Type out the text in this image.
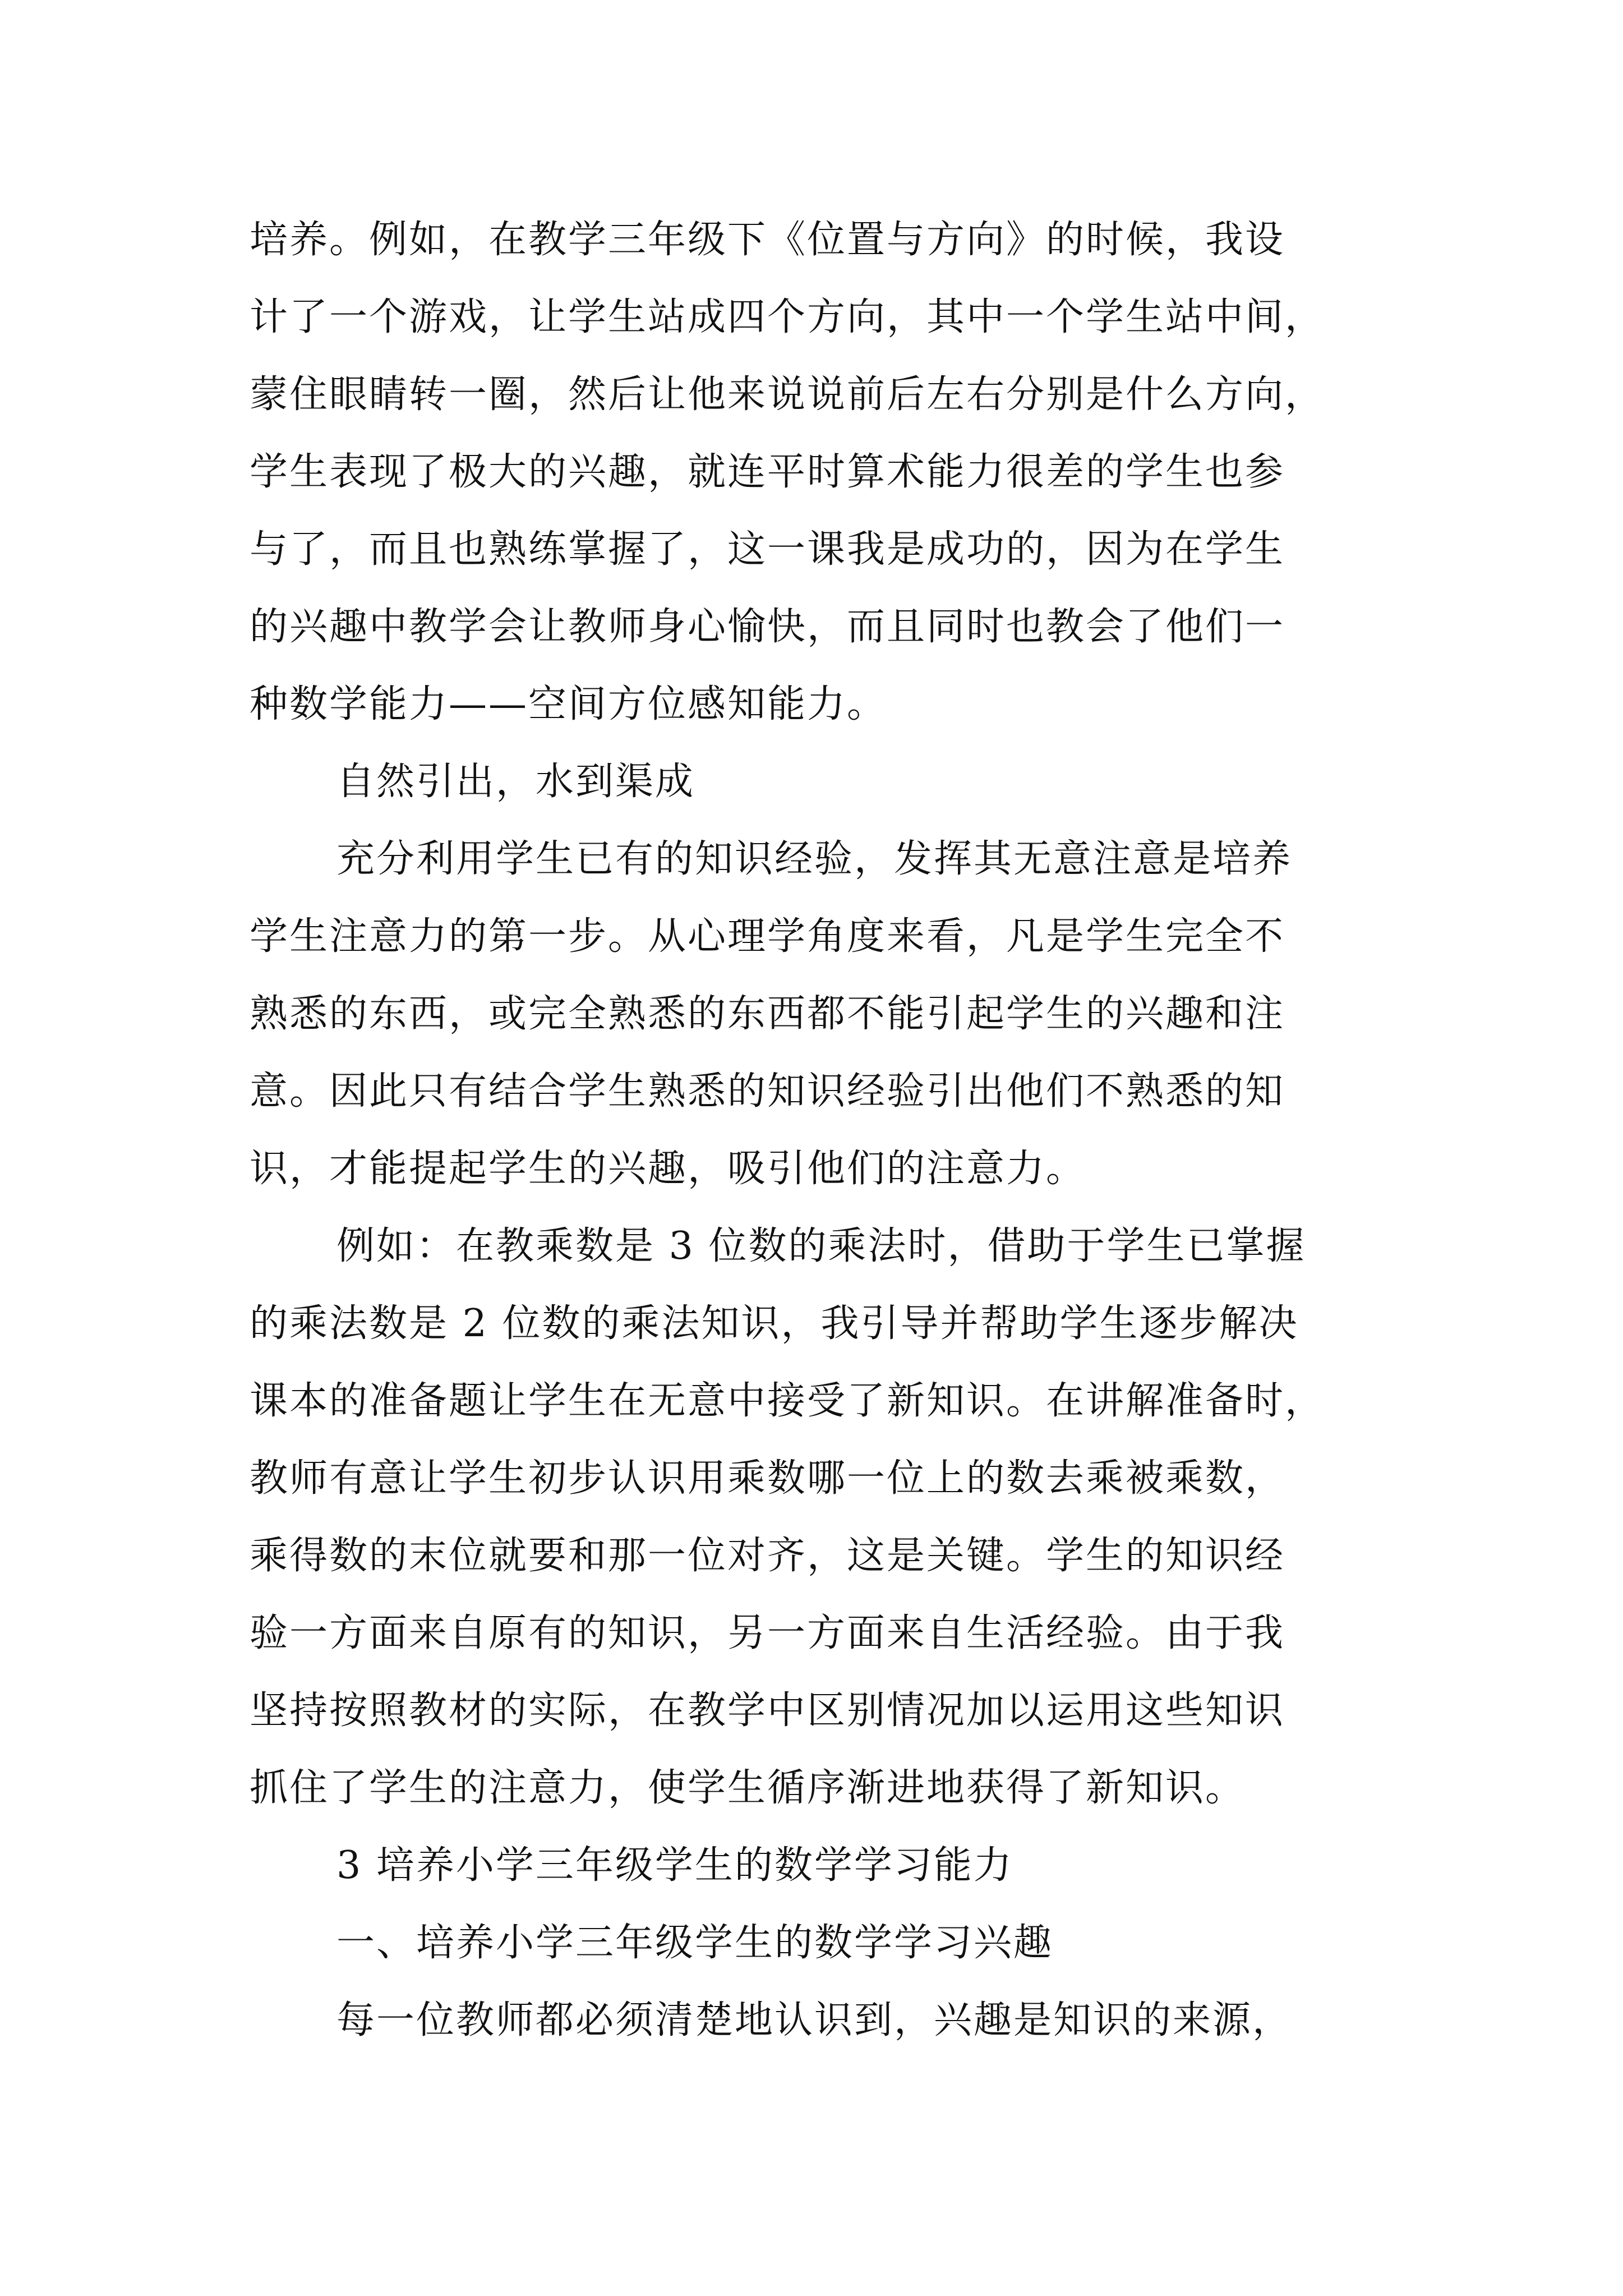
培养。例如，在教学三年级下《位置与方向》的时候，我设
计了一个游戏，让学生站成四个方向，其中一个学生站中间，
蒙住眼睛转一圈，然后让他来说说前后左右分别是什么方向，
学生表现了极大的兴趣，就连平时算术能力很差的学生也参
与了，而且也熟练掌握了，这一课我是成功的，因为在学生
的兴趣中教学会让教师身心愉快，而且同时也教会了他们一
种数学能力——空间方位感知能力。
自然引出，水到渠成
充分利用学生已有的知识经验，发挥其无意注意是培养
学生注意力的第一步。从心理学角度来看，凡是学生完全不
熟悉的东西，或完全熟悉的东西都不能引起学生的兴趣和注
意。因此只有结合学生熟悉的知识经验引出他们不熟悉的知
识，才能提起学生的兴趣，吸引他们的注意力。
例如：在教乘数是 3 位数的乘法时，借助于学生已掌握
的乘法数是 2 位数的乘法知识，我引导并帮助学生逐步解决
课本的准备题让学生在无意中接受了新知识。在讲解准备时，
教师有意让学生初步认识用乘数哪一位上的数去乘被乘数，
乘得数的末位就要和那一位对齐，这是关键。学生的知识经
验一方面来自原有的知识，另一方面来自生活经验。由于我
坚持按照教材的实际，在教学中区别情况加以运用这些知识
抓住了学生的注意力，使学生循序渐进地获得了新知识。
3 培养小学三年级学生的数学学习能力
一、培养小学三年级学生的数学学习兴趣
每一位教师都必须清楚地认识到，兴趣是知识的来源，
